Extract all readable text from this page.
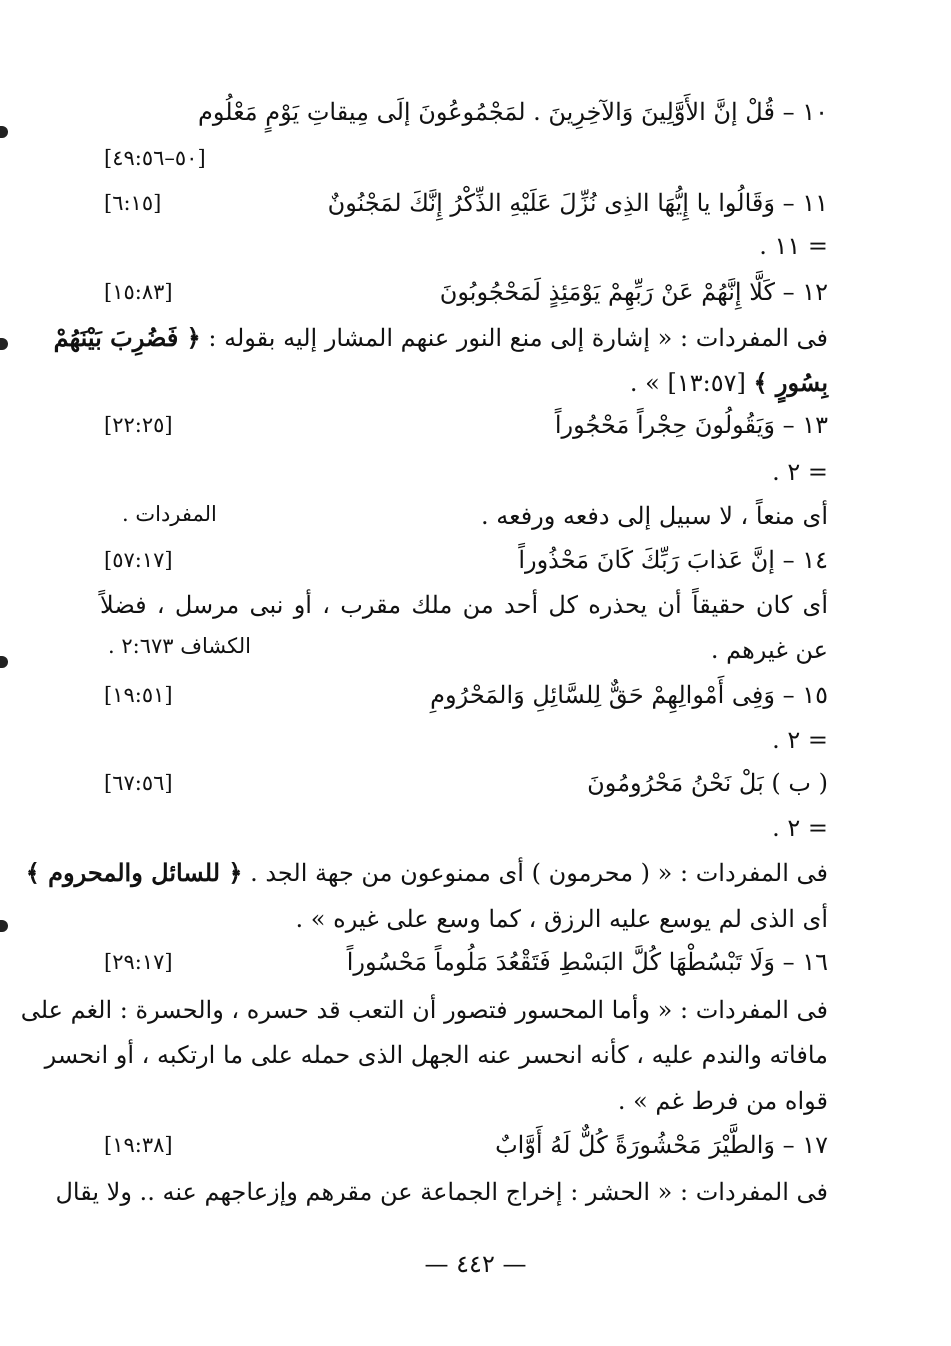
١٠ – قُلْ إنَّ الأَوَّلِينَ وَالآخِرِينَ . لمَجْمُوعُونَ إلَى مِيقاتِ يَوْمٍ مَعْلُوم
[٥٠–٤٩:٥٦]
١١ – وَقَالُوا يا إِيُّهَا الذِى نُزِّلَ عَلَيْهِ الذِّكْرُ إِنَّكَ لمَجْنُونٌ
[٦:١٥]
= ١١ .
١٢ – كَلَّا إِنَّهُمْ عَنْ رَبِّهِمْ يَوْمَئِذٍ لَمَحْجُوبُونَ
[١٥:٨٣]
فى المفردات : « إشارة إلى منع النور عنهم المشار إليه بقوله : ﴿ فَضُرِبَ بَيْنَهُمْ
بِسُورٍ ﴾ [١٣:٥٧] » .
١٣ – وَيَقُولُونَ حِجْراً مَحْجُوراً
[٢٢:٢٥]
= ٢ .
أى منعاً ، لا سبيل إلى دفعه ورفعه .
المفردات .
١٤ – إنَّ عَذابَ رَبِّكَ كَانَ مَحْذُوراً
[٥٧:١٧]
أى كان حقيقاً أن يحذره كل أحد من ملك مقرب ، أو نبى مرسل ، فضلاً
عن غيرهم .
الكشاف ٢:٦٧٣ .
١٥ – وَفِى أَمْوالِهِمْ حَقٌّ لِلسَّائِلِ وَالمَحْرُومِ
[١٩:٥١]
= ٢ .
( ب ) بَلْ نَحْنُ مَحْرُومُونَ
[٦٧:٥٦]
= ٢ .
فى المفردات : « ( محرمون ) أى ممنوعون من جهة الجد . ﴿ للسائل والمحروم ﴾
أى الذى لم يوسع عليه الرزق ، كما وسع على غيره » .
١٦ – وَلَا تَبْسُطْهَا كُلَّ البَسْطِ فَتَقْعُدَ مَلُوماً مَحْسُوراً
[٢٩:١٧]
فى المفردات : « وأما المحسور فتصور أن التعب قد حسره ، والحسرة : الغم على
مافاته والندم عليه ، كأنه انحسر عنه الجهل الذى حمله على ما ارتكبه ، أو انحسر
قواه من فرط غم » .
١٧ – وَالطَّيْرَ مَحْشُورَةً كُلٌّ لَهُ أَوَّابٌ
[١٩:٣٨]
فى المفردات : « الحشر : إخراج الجماعة عن مقرهم وإزعاجهم عنه .. ولا يقال
— ٤٤٢ —
